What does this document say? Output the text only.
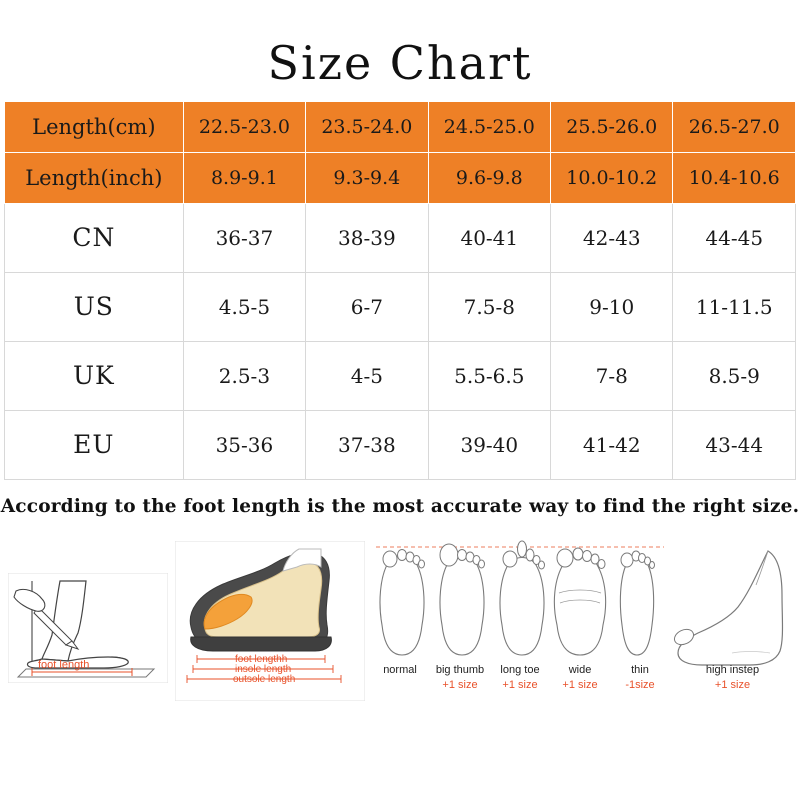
Size Chart
Length(cm)	22.5-23.0	23.5-24.0	24.5-25.0	25.5-26.0	26.5-27.0
Length(inch)	8.9-9.1	9.3-9.4	9.6-9.8	10.0-10.2	10.4-10.6
CN	36-37	38-39	40-41	42-43	44-45
US	4.5-5	6-7	7.5-8	9-10	11-11.5
UK	2.5-3	4-5	5.5-6.5	7-8	8.5-9
EU	35-36	37-38	39-40	41-42	43-44
According to the foot length is the most accurate way to find the right size.
foot length	foot lengthh
insole length
outsole length
normal	big thumb
+1 size
long toe
+1 size
wide
+1 size
thin
-1size
high instep
+1 size
